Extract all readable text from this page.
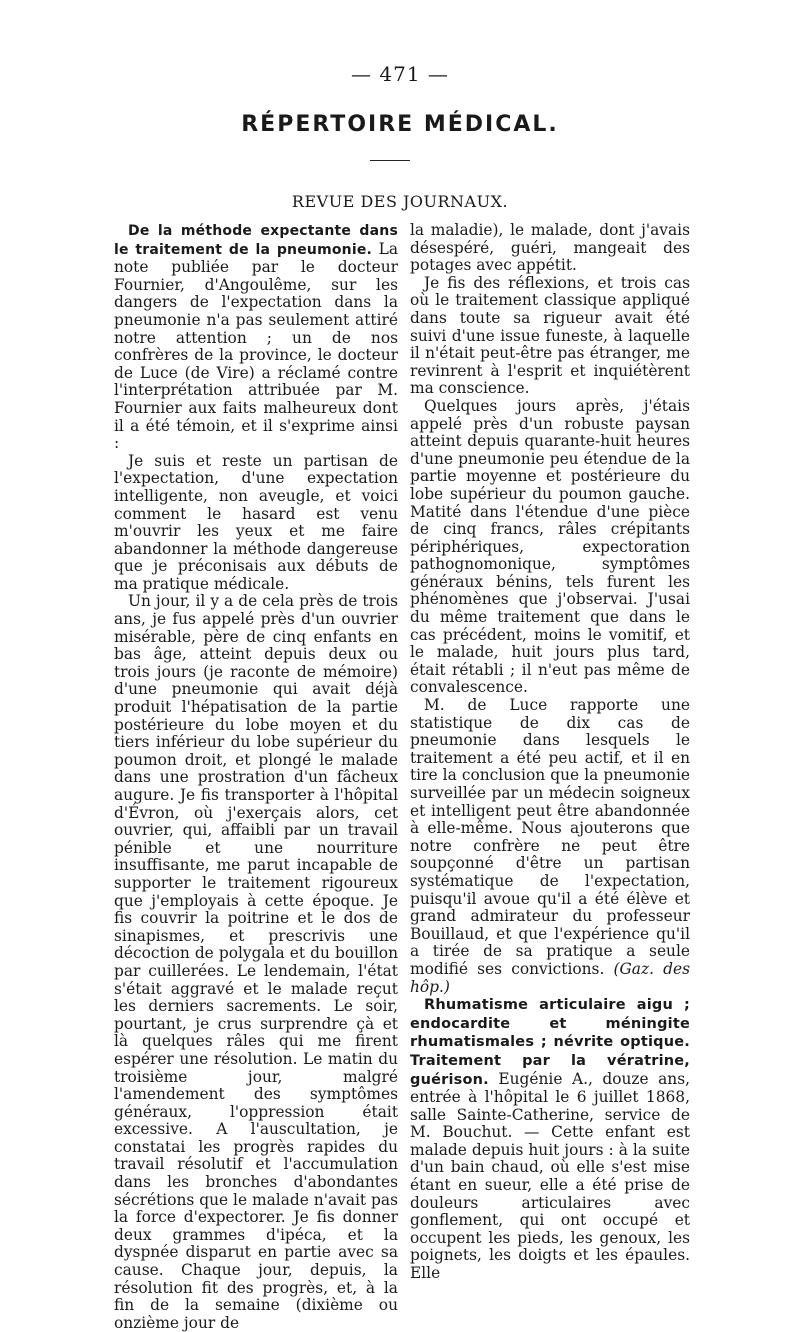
— 471 —
RÉPERTOIRE MÉDICAL.
REVUE DES JOURNAUX.

De la méthode expectante dans le traitement de la pneumonie. La note publiée par le docteur Fournier, d'Angoulême, sur les dangers de l'expectation dans la pneumonie n'a pas seulement attiré notre attention ; un de nos confrères de la province, le docteur de Luce (de Vire) a réclamé contre l'interprétation attribuée par M. Fournier aux faits malheureux dont il a été témoin, et il s'exprime ainsi :

Je suis et reste un partisan de l'expectation, d'une expectation intelligente, non aveugle, et voici comment le hasard est venu m'ouvrir les yeux et me faire abandonner la méthode dangereuse que je préconisais aux débuts de ma pratique médicale.

Un jour, il y a de cela près de trois ans, je fus appelé près d'un ouvrier misérable, père de cinq enfants en bas âge, atteint depuis deux ou trois jours (je raconte de mémoire) d'une pneumonie qui avait déjà produit l'hépatisation de la partie postérieure du lobe moyen et du tiers inférieur du lobe supérieur du poumon droit, et plongé le malade dans une prostration d'un fâcheux augure. Je fis transporter à l'hôpital d'Évron, où j'exerçais alors, cet ouvrier, qui, affaibli par un travail pénible et une nourriture insuffisante, me parut incapable de supporter le traitement rigoureux que j'employais à cette époque. Je fis couvrir la poitrine et le dos de sinapismes, et prescrivis une décoction de polygala et du bouillon par cuillerées. Le lendemain, l'état s'était aggravé et le malade reçut les derniers sacrements. Le soir, pourtant, je crus surprendre çà et là quelques râles qui me firent espérer une résolution. Le matin du troisième jour, malgré l'amendement des symptômes généraux, l'oppression était excessive. A l'auscultation, je constatai les progrès rapides du travail résolutif et l'accumulation dans les bronches d'abondantes sécrétions que le malade n'avait pas la force d'expectorer. Je fis donner deux grammes d'ipéca, et la dyspnée disparut en partie avec sa cause. Chaque jour, depuis, la résolution fit des progrès, et, à la fin de la semaine (dixième ou onzième jour de

la maladie), le malade, dont j'avais désespéré, guéri, mangeait des potages avec appétit.

Je fis des réflexions, et trois cas où le traitement classique appliqué dans toute sa rigueur avait été suivi d'une issue funeste, à laquelle il n'était peut-être pas étranger, me revinrent à l'esprit et inquiétèrent ma conscience.

Quelques jours après, j'étais appelé près d'un robuste paysan atteint depuis quarante-huit heures d'une pneumonie peu étendue de la partie moyenne et postérieure du lobe supérieur du poumon gauche. Matité dans l'étendue d'une pièce de cinq francs, râles crépitants périphériques, expectoration pathognomonique, symptômes généraux bénins, tels furent les phénomènes que j'observai. J'usai du même traitement que dans le cas précédent, moins le vomitif, et le malade, huit jours plus tard, était rétabli ; il n'eut pas même de convalescence.

M. de Luce rapporte une statistique de dix cas de pneumonie dans lesquels le traitement a été peu actif, et il en tire la conclusion que la pneumonie surveillée par un médecin soigneux et intelligent peut être abandonnée à elle-même. Nous ajouterons que notre confrère ne peut être soupçonné d'être un partisan systématique de l'expectation, puisqu'il avoue qu'il a été élève et grand admirateur du professeur Bouillaud, et que l'expérience qu'il a tirée de sa pratique a seule modifié ses convictions. (Gaz. des hôp.)

Rhumatisme articulaire aigu ; endocardite et méningite rhumatismales ; névrite optique. Traitement par la vératrine, guérison. Eugénie A., douze ans, entrée à l'hôpital le 6 juillet 1868, salle Sainte-Catherine, service de M. Bouchut. — Cette enfant est malade depuis huit jours : à la suite d'un bain chaud, où elle s'est mise étant en sueur, elle a été prise de douleurs articulaires avec gonflement, qui ont occupé et occupent les pieds, les genoux, les poignets, les doigts et les épaules. Elle
